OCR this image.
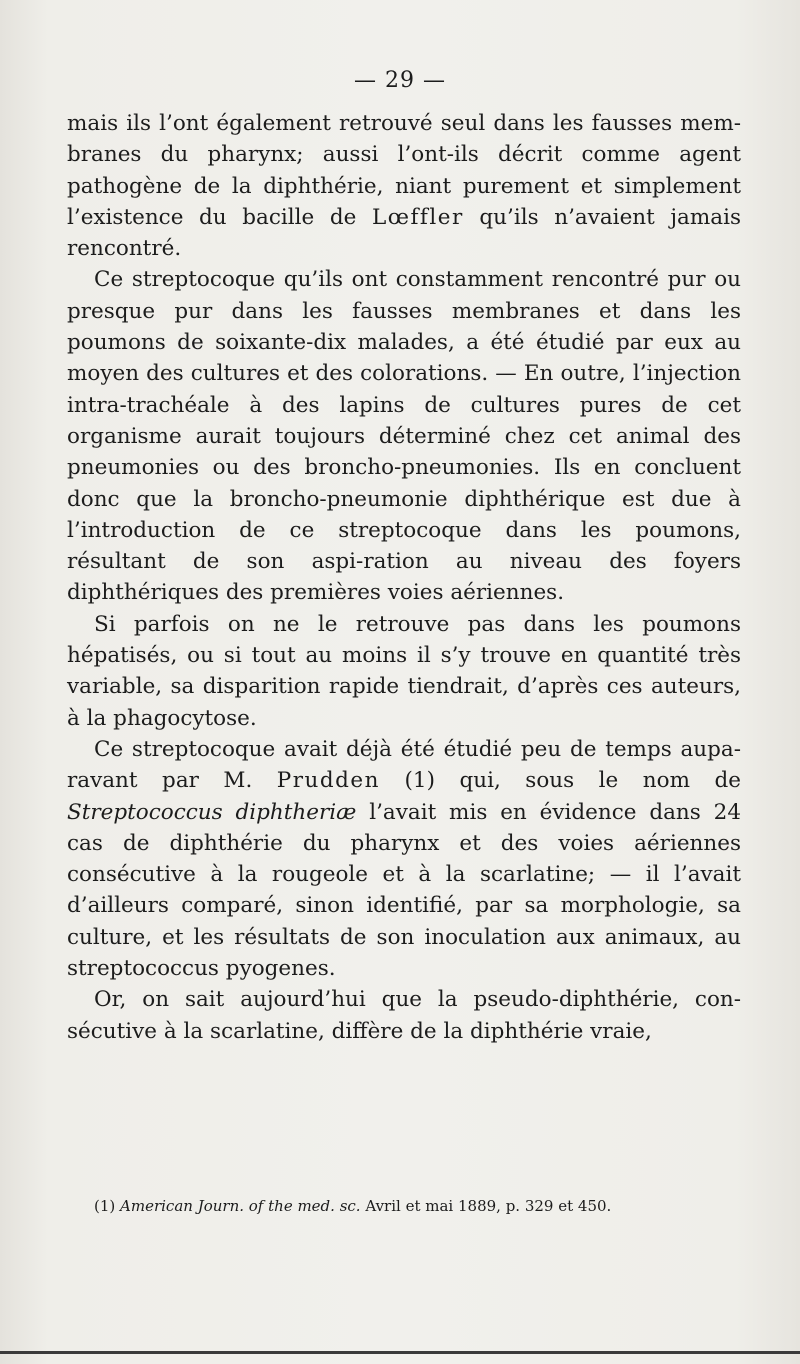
— 29 —

mais ils l’ont également retrouvé seul dans les fausses mem-branes du pharynx; aussi l’ont-ils décrit comme agent pathogène de la diphthérie, niant purement et simplement l’existence du bacille de Lœffler qu’ils n’avaient jamais rencontré.

Ce streptocoque qu’ils ont constamment rencontré pur ou presque pur dans les fausses membranes et dans les poumons de soixante-dix malades, a été étudié par eux au moyen des cultures et des colorations. — En outre, l’injection intra-trachéale à des lapins de cultures pures de cet organisme aurait toujours déterminé chez cet animal des pneumonies ou des broncho-pneumonies. Ils en concluent donc que la broncho-pneumonie diphthérique est due à l’introduction de ce streptocoque dans les poumons, résultant de son aspi-ration au niveau des foyers diphthériques des premières voies aériennes.

Si parfois on ne le retrouve pas dans les poumons hépatisés, ou si tout au moins il s’y trouve en quantité très variable, sa disparition rapide tiendrait, d’après ces auteurs, à la phagocytose.

Ce streptocoque avait déjà été étudié peu de temps aupa-ravant par M. Prudden (1) qui, sous le nom de Streptococcus diphtheriæ l’avait mis en évidence dans 24 cas de diphthérie du pharynx et des voies aériennes consécutive à la rougeole et à la scarlatine; — il l’avait d’ailleurs comparé, sinon identifié, par sa morphologie, sa culture, et les résultats de son inoculation aux animaux, au streptococcus pyogenes.

Or, on sait aujourd’hui que la pseudo-diphthérie, con-sécutive à la scarlatine, diffère de la diphthérie vraie,

(1) American Journ. of the med. sc. Avril et mai 1889, p. 329 et 450.
